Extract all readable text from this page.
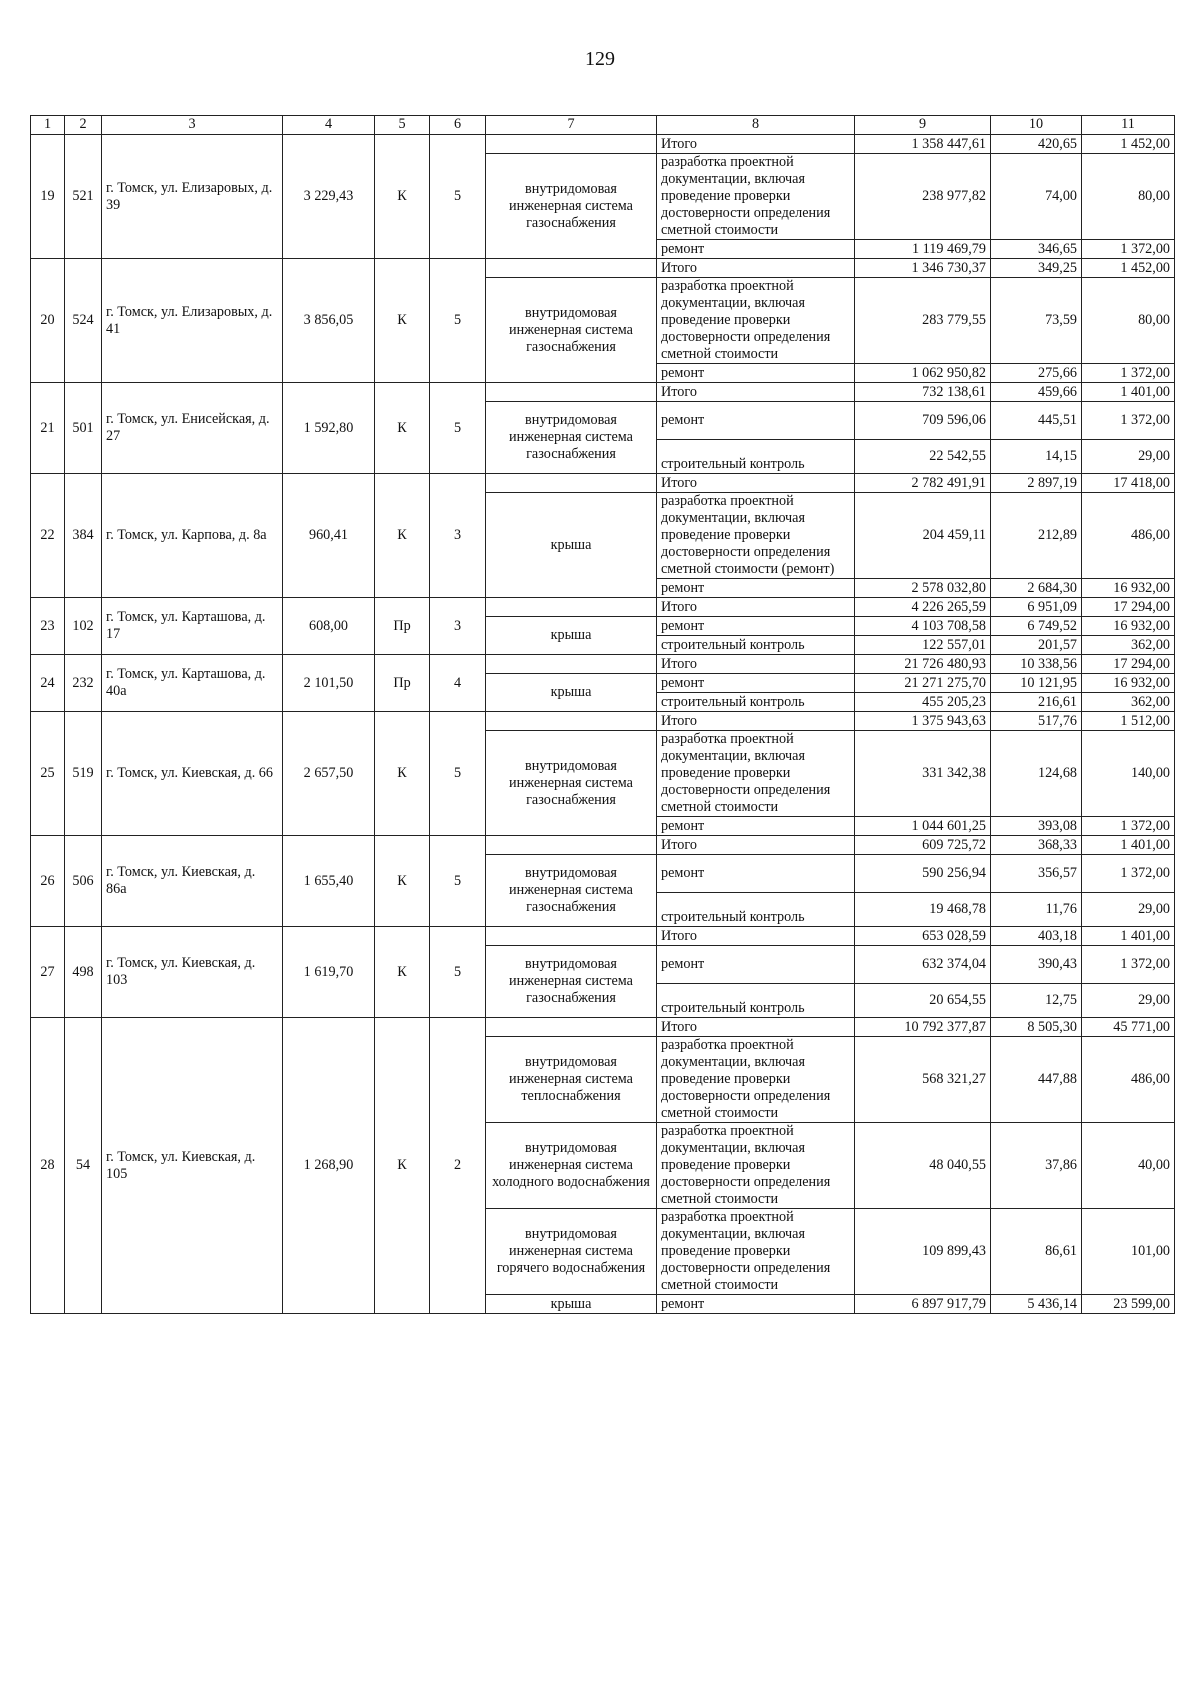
129
1	2	3	4	5	6	7	8	9	10	11
19	521	г. Томск, ул. Елизаровых, д. 39	3 229,43	К	5		Итого	1 358 447,61	420,65	1 452,00
						внутридомовая инженерная система газоснабжения	разработка проектной документации, включая проведение проверки достоверности определения сметной стоимости	238 977,82	74,00	80,00
							ремонт	1 119 469,79	346,65	1 372,00
20	524	г. Томск, ул. Елизаровых, д. 41	3 856,05	К	5		Итого	1 346 730,37	349,25	1 452,00
						внутридомовая инженерная система газоснабжения	разработка проектной документации, включая проведение проверки достоверности определения сметной стоимости	283 779,55	73,59	80,00
							ремонт	1 062 950,82	275,66	1 372,00
21	501	г. Томск, ул. Енисейская, д. 27	1 592,80	К	5		Итого	732 138,61	459,66	1 401,00
						внутридомовая инженерная система газоснабжения	ремонт	709 596,06	445,51	1 372,00
							строительный контроль	22 542,55	14,15	29,00
22	384	г. Томск, ул. Карпова, д. 8а	960,41	К	3		Итого	2 782 491,91	2 897,19	17 418,00
						крыша	разработка проектной документации, включая проведение проверки достоверности определения сметной стоимости (ремонт)	204 459,11	212,89	486,00
							ремонт	2 578 032,80	2 684,30	16 932,00
23	102	г. Томск, ул. Карташова, д. 17	608,00	Пр	3		Итого	4 226 265,59	6 951,09	17 294,00
						крыша	ремонт	4 103 708,58	6 749,52	16 932,00
							строительный контроль	122 557,01	201,57	362,00
24	232	г. Томск, ул. Карташова, д. 40а	2 101,50	Пр	4		Итого	21 726 480,93	10 338,56	17 294,00
						крыша	ремонт	21 271 275,70	10 121,95	16 932,00
							строительный контроль	455 205,23	216,61	362,00
25	519	г. Томск, ул. Киевская, д. 66	2 657,50	К	5		Итого	1 375 943,63	517,76	1 512,00
						внутридомовая инженерная система газоснабжения	разработка проектной документации, включая проведение проверки достоверности определения сметной стоимости	331 342,38	124,68	140,00
							ремонт	1 044 601,25	393,08	1 372,00
26	506	г. Томск, ул. Киевская, д. 86а	1 655,40	К	5		Итого	609 725,72	368,33	1 401,00
						внутридомовая инженерная система газоснабжения	ремонт	590 256,94	356,57	1 372,00
							строительный контроль	19 468,78	11,76	29,00
27	498	г. Томск, ул. Киевская, д. 103	1 619,70	К	5		Итого	653 028,59	403,18	1 401,00
						внутридомовая инженерная система газоснабжения	ремонт	632 374,04	390,43	1 372,00
							строительный контроль	20 654,55	12,75	29,00
28	54	г. Томск, ул. Киевская, д. 105	1 268,90	К	2		Итого	10 792 377,87	8 505,30	45 771,00
						внутридомовая инженерная система теплоснабжения	разработка проектной документации, включая проведение проверки достоверности определения сметной стоимости	568 321,27	447,88	486,00
						внутридомовая инженерная система холодного водоснабжения	разработка проектной документации, включая проведение проверки достоверности определения сметной стоимости	48 040,55	37,86	40,00
						внутридомовая инженерная система горячего водоснабжения	разработка проектной документации, включая проведение проверки достоверности определения сметной стоимости	109 899,43	86,61	101,00
						крыша	ремонт	6 897 917,79	5 436,14	23 599,00
